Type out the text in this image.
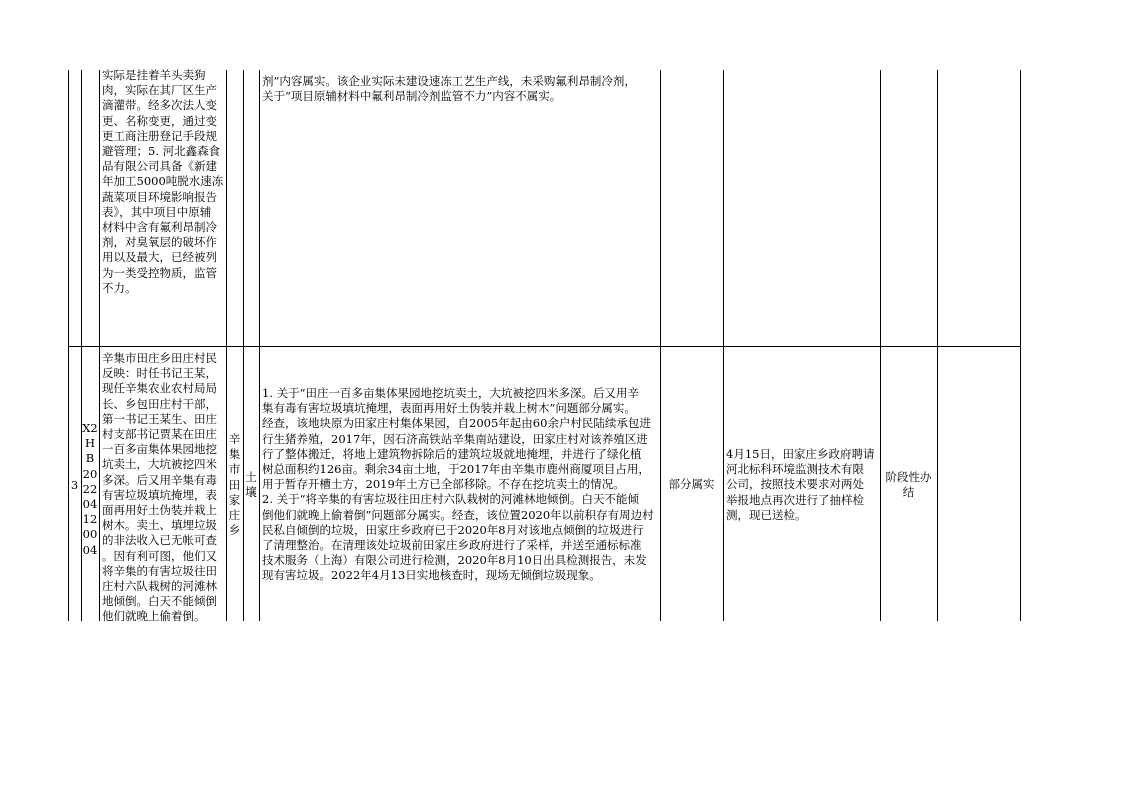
实际是挂着羊头卖狗
肉，实际在其厂区生产
滴灌带。经多次法人变
更、名称变更，通过变
更工商注册登记手段规
避管理；5. 河北鑫森食
品有限公司具备《新建
年加工5000吨脱水速冻
蔬菜项目环境影响报告
表》，其中项目中原辅
材料中含有氟利昂制冷
剂，对臭氧层的破坏作
用以及最大，已经被列
为一类受控物质，监管
不力。
剂”内容属实。该企业实际未建设速冻工艺生产线，未采购氟利昂制冷剂，
关于“项目原辅材料中氟利昂制冷剂监管不力”内容不属实。
3
X2
HB
20
22
04
12
00
04
辛集市田庄乡田庄村民
反映：时任书记王某，
现任辛集农业农村局局
长、乡包田庄村干部，
第一书记王某生、田庄
村支部书记贾某在田庄
一百多亩集体果园地挖
坑卖土，大坑被挖四米
多深。后又用辛集有毒
有害垃圾填坑掩埋，表
面再用好土伪装并栽上
树木。卖土、填埋垃圾
的非法收入已无帐可查
。因有利可图，他们又
将辛集的有害垃圾往田
庄村六队栽树的河滩林
地倾倒。白天不能倾倒
他们就晚上偷着倒。
辛
集
市
田
家
庄
乡
土
壤
1. 关于“田庄一百多亩集体果园地挖坑卖土，大坑被挖四米多深。后又用辛
集有毒有害垃圾填坑掩埋，表面再用好土伪装并栽上树木”问题部分属实。
经查，该地块原为田家庄村集体果园，自2005年起由60余户村民陆续承包进
行生猪养殖，2017年，因石济高铁站辛集南站建设，田家庄村对该养殖区进
行了整体搬迁，将地上建筑物拆除后的建筑垃圾就地掩埋，并进行了绿化植
树总面积约126亩。剩余34亩土地，于2017年由辛集市鹿州商厦项目占用，
用于暂存开槽土方，2019年土方已全部移除。不存在挖坑卖土的情况。
2. 关于“将辛集的有害垃圾往田庄村六队栽树的河滩林地倾倒。白天不能倾
倒他们就晚上偷着倒”问题部分属实。经查，该位置2020年以前积存有周边村
民私自倾倒的垃圾，田家庄乡政府已于2020年8月对该地点倾倒的垃圾进行
了清理整治。在清理该处垃圾前田家庄乡政府进行了采样，并送至通标标准
技术服务（上海）有限公司进行检测，2020年8月10日出具检测报告，未发
现有害垃圾。2022年4月13日实地核查时，现场无倾倒垃圾现象。
部分属实
4月15日，田家庄乡政府聘请
河北标科环境监测技术有限
公司，按照技术要求对两处
举报地点再次进行了抽样检
测，现已送检。
阶段性办
结
